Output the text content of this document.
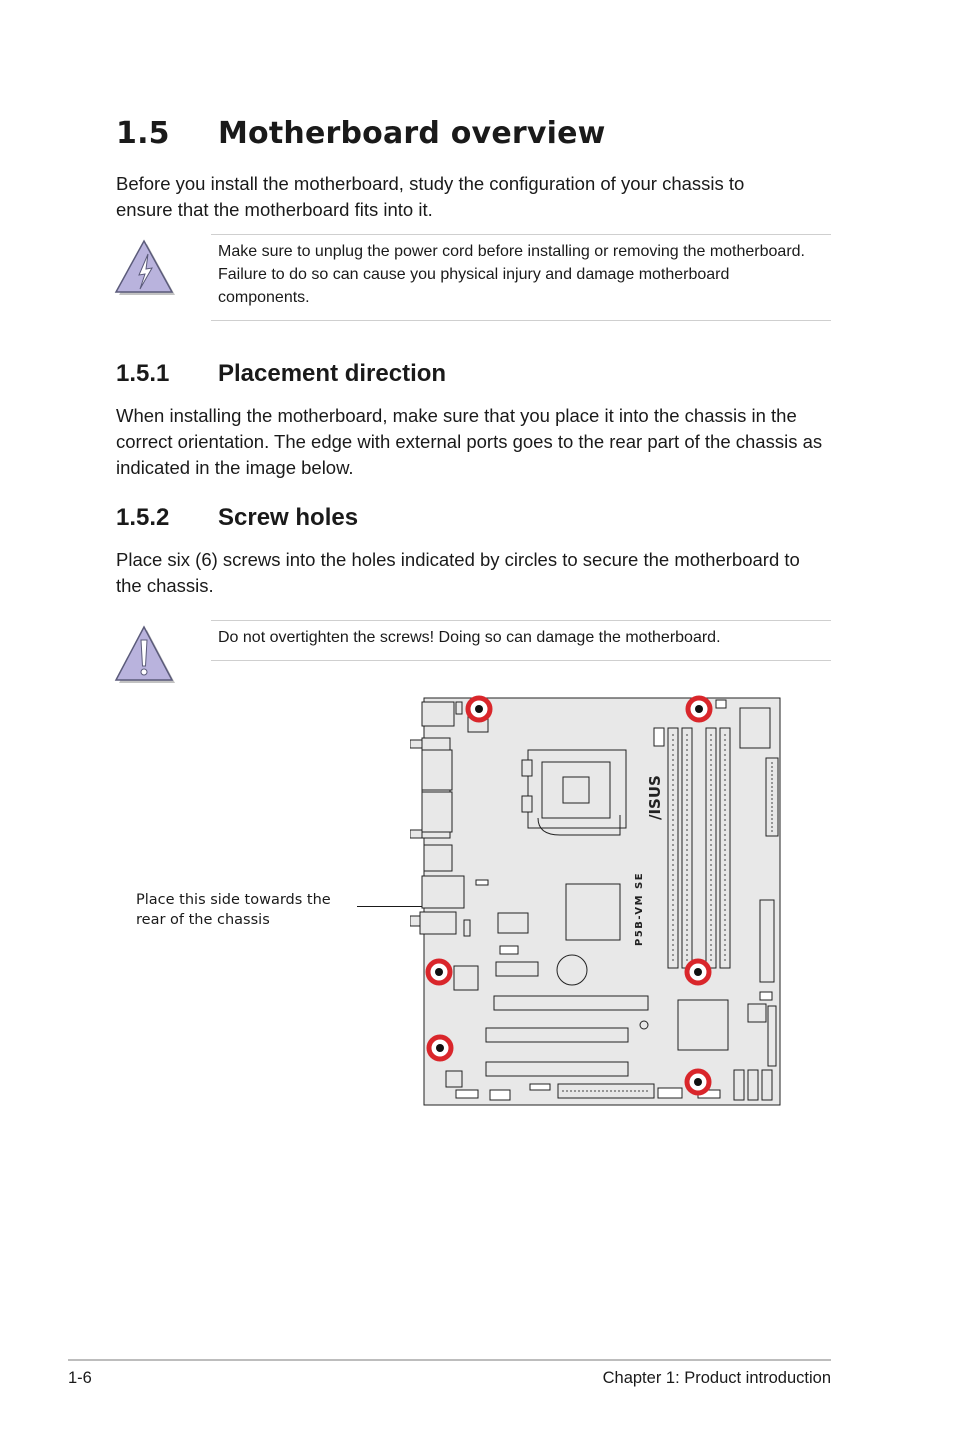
1.5 Motherboard overview
Before you install the motherboard, study the configuration of your chassis to ensure that the motherboard fits into it.
Make sure to unplug the power cord before installing or removing the motherboard. Failure to do so can cause you physical injury and damage motherboard components.
1.5.1 Placement direction
When installing the motherboard, make sure that you place it into the chassis in the correct orientation. The edge with external ports goes to the rear part of the chassis as indicated in the image below.
1.5.2 Screw holes
Place six (6) screws into the holes indicated by circles to secure the motherboard to the chassis.
Do not overtighten the screws! Doing so can damage the motherboard.
Place this side towards the rear of the chassis
/ISUS
P5B-VM SE
1-6	Chapter 1: Product introduction
